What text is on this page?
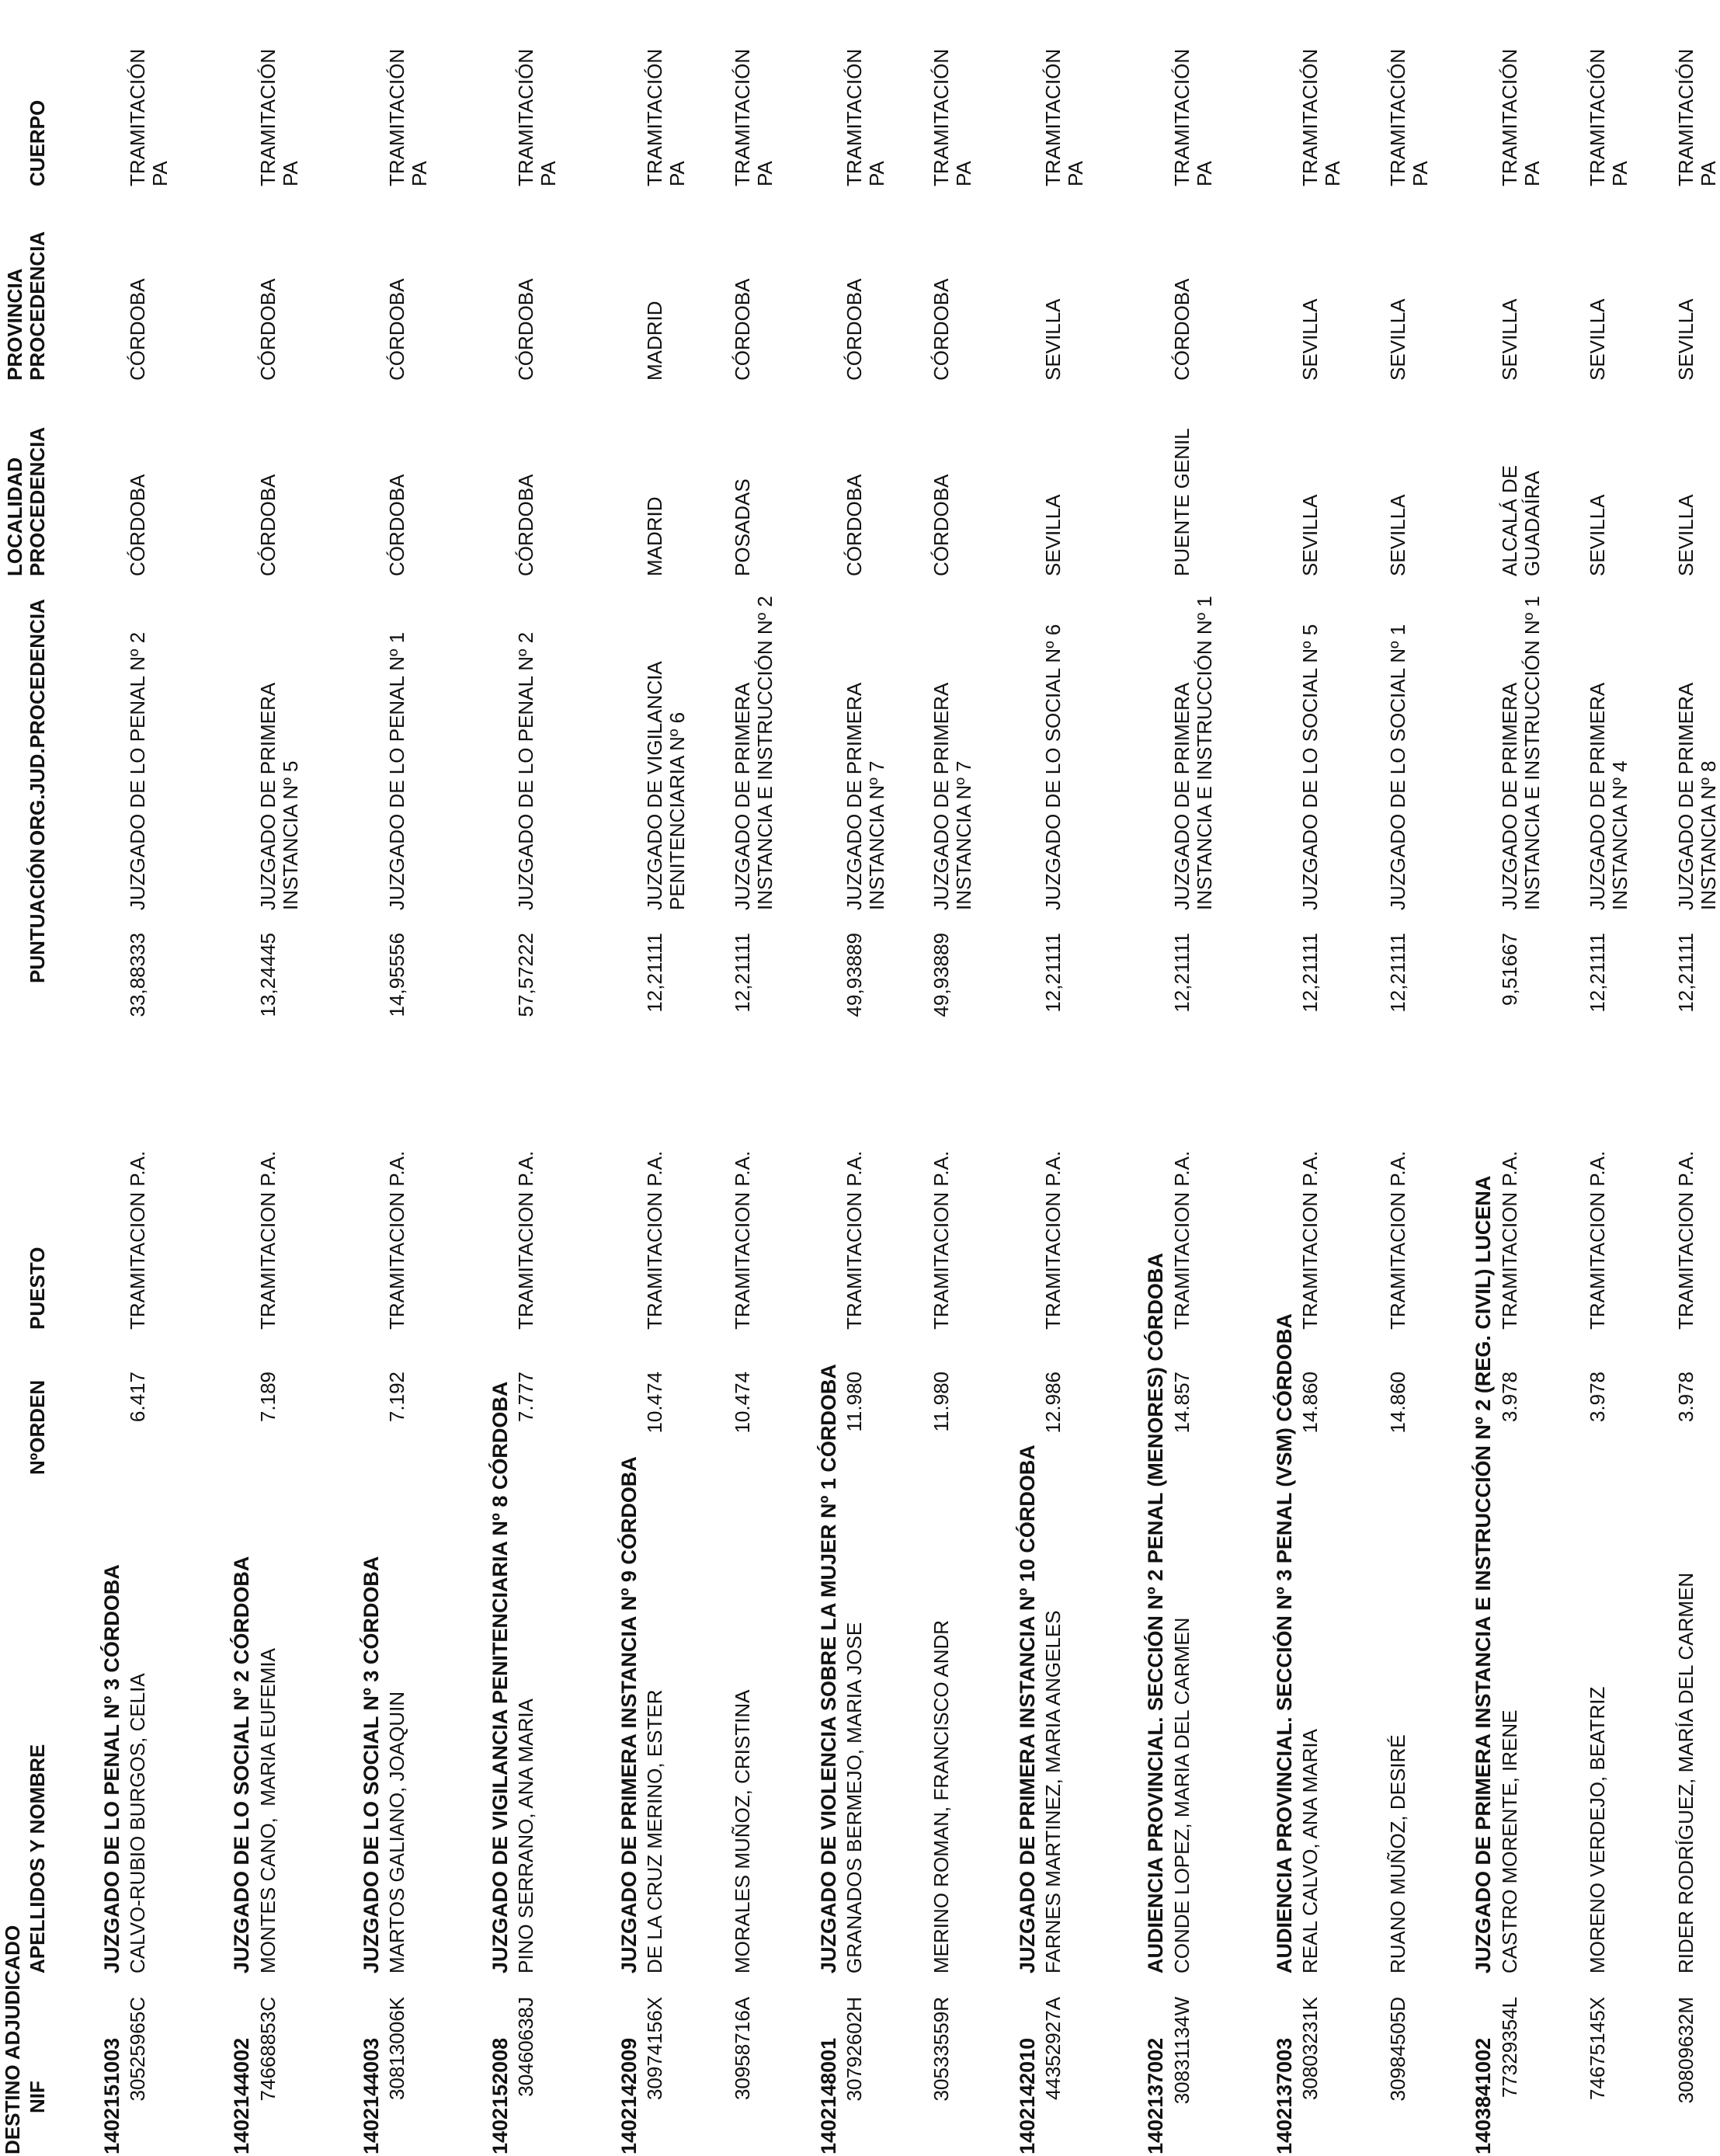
DESTINO ADJUDICADO NIF
APELLIDOS Y NOMBRE
NºORDEN
PUESTO
PUNTUACIÓN
ORG.JUD.PROCEDENCIA
LOCALIDAD
PROCEDENCIA
PROVINCIA
PROCEDENCIA
CUERPO
1402151003
JUZGADO DE LO PENAL Nº 3 CÓRDOBA
30525965C
CALVO-RUBIO BURGOS, CELIA
6.417
TRAMITACION P.A.
33,88333
JUZGADO DE LO PENAL Nº 2
CÓRDOBA
CÓRDOBA
TRAMITACIÓN
PA
1402144002
JUZGADO DE LO SOCIAL Nº 2 CÓRDOBA
74668853C
MONTES CANO,  MARIA EUFEMIA
7.189
TRAMITACION P.A.
13,24445
JUZGADO DE PRIMERA
INSTANCIA Nº 5
CÓRDOBA
CÓRDOBA
TRAMITACIÓN
PA
1402144003
JUZGADO DE LO SOCIAL Nº 3 CÓRDOBA
30813006K
MARTOS GALIANO, JOAQUIN
7.192
TRAMITACION P.A.
14,95556
JUZGADO DE LO PENAL Nº 1
CÓRDOBA
CÓRDOBA
TRAMITACIÓN
PA
1402152008
JUZGADO DE VIGILANCIA PENITENCIARIA Nº 8 CÓRDOBA
30460638J
PINO SERRANO, ANA MARIA
7.777
TRAMITACION P.A.
57,57222
JUZGADO DE LO PENAL Nº 2
CÓRDOBA
CÓRDOBA
TRAMITACIÓN
PA
1402142009
JUZGADO DE PRIMERA INSTANCIA Nº 9 CÓRDOBA
30974156X
DE LA CRUZ MERINO, ESTER
10.474
TRAMITACION P.A.
12,21111
JUZGADO DE VIGILANCIA
PENITENCIARIA Nº 6
MADRID
MADRID
TRAMITACIÓN
PA
30958716A
MORALES MUÑOZ, CRISTINA
10.474
TRAMITACION P.A.
12,21111
JUZGADO DE PRIMERA
INSTANCIA E INSTRUCCIÓN Nº 2
POSADAS
CÓRDOBA
TRAMITACIÓN
PA
1402148001
JUZGADO DE VIOLENCIA SOBRE LA MUJER Nº 1 CÓRDOBA
30792602H
GRANADOS BERMEJO, MARIA JOSE
11.980
TRAMITACION P.A.
49,93889
JUZGADO DE PRIMERA
INSTANCIA Nº 7
CÓRDOBA
CÓRDOBA
TRAMITACIÓN
PA
30533559R
MERINO ROMAN, FRANCISCO ANDR
11.980
TRAMITACION P.A.
49,93889
JUZGADO DE PRIMERA
INSTANCIA Nº 7
CÓRDOBA
CÓRDOBA
TRAMITACIÓN
PA
1402142010
JUZGADO DE PRIMERA INSTANCIA Nº 10 CÓRDOBA
44352927A
FARNES MARTINEZ, MARIA ANGELES
12.986
TRAMITACION P.A.
12,21111
JUZGADO DE LO SOCIAL Nº 6
SEVILLA
SEVILLA
TRAMITACIÓN
PA
1402137002
AUDIENCIA PROVINCIAL. SECCIÓN Nº 2 PENAL (MENORES) CÓRDOBA
30831134W
CONDE LOPEZ, MARIA DEL CARMEN
14.857
TRAMITACION P.A.
12,21111
JUZGADO DE PRIMERA
INSTANCIA E INSTRUCCIÓN Nº 1
PUENTE GENIL
CÓRDOBA
TRAMITACIÓN
PA
1402137003
AUDIENCIA PROVINCIAL. SECCIÓN Nº 3 PENAL (VSM) CÓRDOBA
30803231K
REAL CALVO, ANA MARIA
14.860
TRAMITACION P.A.
12,21111
JUZGADO DE LO SOCIAL Nº 5
SEVILLA
SEVILLA
TRAMITACIÓN
PA
30984505D
RUANO MUÑOZ, DESIRÉ
14.860
TRAMITACION P.A.
12,21111
JUZGADO DE LO SOCIAL Nº 1
SEVILLA
SEVILLA
TRAMITACIÓN
PA
1403841002
JUZGADO DE PRIMERA INSTANCIA E INSTRUCCIÓN Nº 2 (REG. CIVIL) LUCENA
77329354L
CASTRO MORENTE, IRENE
3.978
TRAMITACION P.A.
9,51667
JUZGADO DE PRIMERA
INSTANCIA E INSTRUCCIÓN Nº 1
ALCALÁ DE
GUADAÍRA
SEVILLA
TRAMITACIÓN
PA
74675145X
MORENO VERDEJO, BEATRIZ
3.978
TRAMITACION P.A.
12,21111
JUZGADO DE PRIMERA
INSTANCIA Nº 4
SEVILLA
SEVILLA
TRAMITACIÓN
PA
30809632M
RIDER RODRÍGUEZ, MARÍA DEL CARMEN
3.978
TRAMITACION P.A.
12,21111
JUZGADO DE PRIMERA
INSTANCIA Nº 8
SEVILLA
SEVILLA
TRAMITACIÓN
PA
